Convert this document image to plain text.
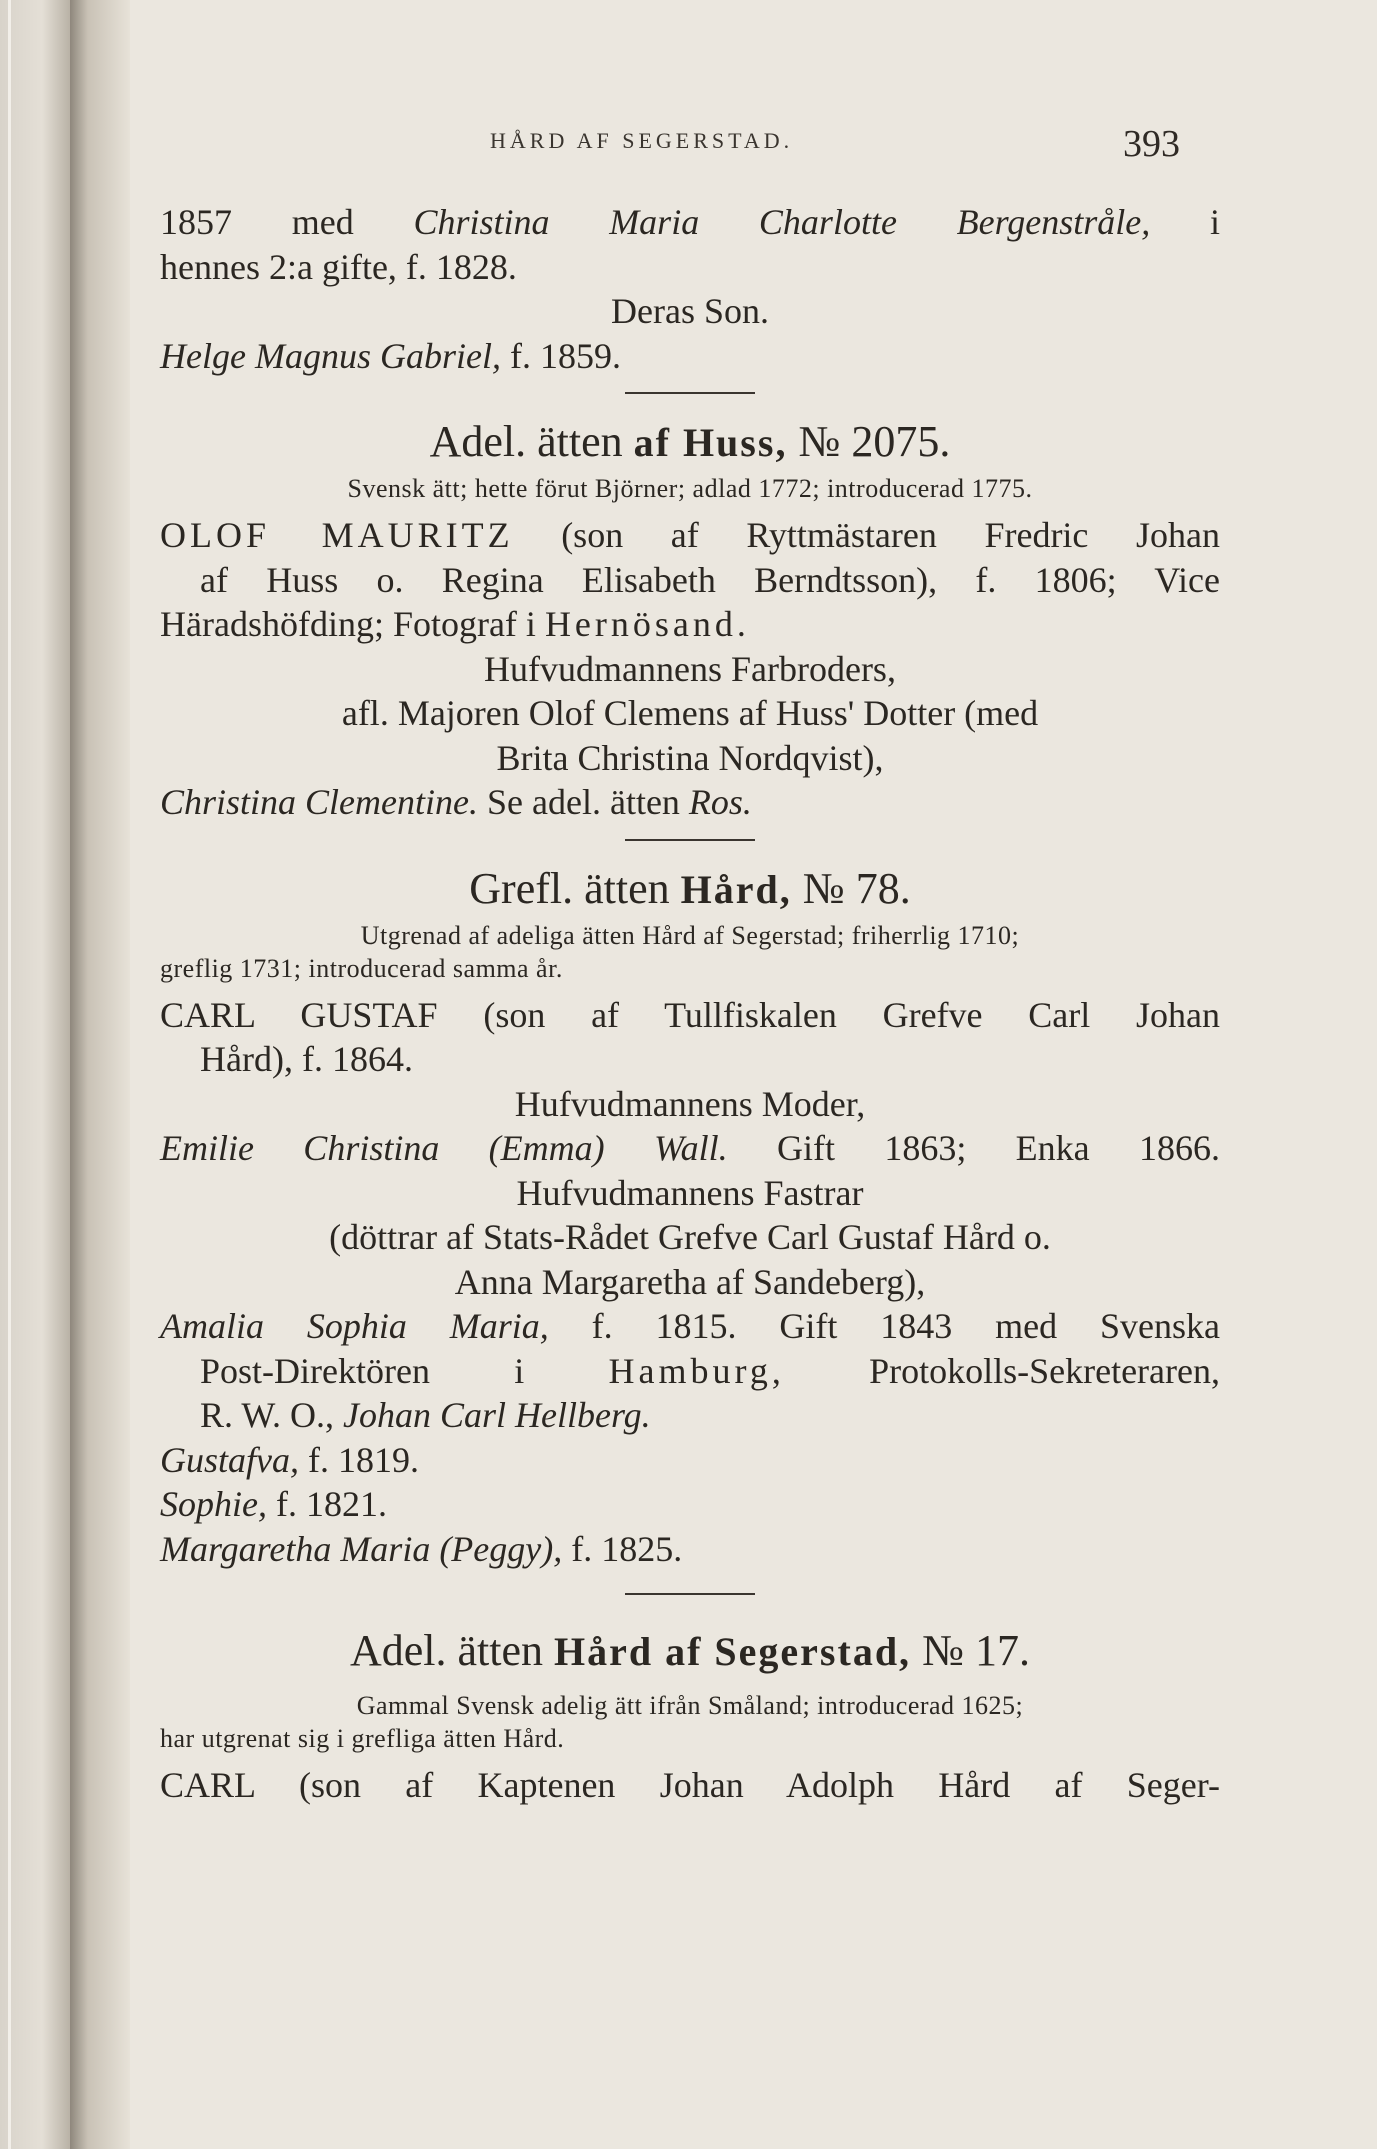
HÅRD AF SEGERSTAD.	393
1857 med Christina Maria Charlotte Bergenstråle, i
hennes 2:a gifte, f. 1828.
Deras Son.
Helge Magnus Gabriel, f. 1859.
Adel. ätten af Huss, № 2075.
Svensk ätt; hette förut Björner; adlad 1772; introducerad 1775.
OLOF MAURITZ (son af Ryttmästaren Fredric Johan
af Huss o. Regina Elisabeth Berndtsson), f. 1806; Vice
Häradshöfding; Fotograf i Hernösand.
Hufvudmannens Farbroders,
afl. Majoren Olof Clemens af Huss' Dotter (med
Brita Christina Nordqvist),
Christina Clementine. Se adel. ätten Ros.
Grefl. ätten Hård, № 78.
Utgrenad af adeliga ätten Hård af Segerstad; friherrlig 1710;
greflig 1731; introducerad samma år.
CARL GUSTAF (son af Tullfiskalen Grefve Carl Johan
Hård), f. 1864.
Hufvudmannens Moder,
Emilie Christina (Emma) Wall. Gift 1863; Enka 1866.
Hufvudmannens Fastrar
(döttrar af Stats-Rådet Grefve Carl Gustaf Hård o.
Anna Margaretha af Sandeberg),
Amalia Sophia Maria, f. 1815. Gift 1843 med Svenska
Post-Direktören i Hamburg, Protokolls-Sekreteraren,
R. W. O., Johan Carl Hellberg.
Gustafva, f. 1819.
Sophie, f. 1821.
Margaretha Maria (Peggy), f. 1825.
Adel. ätten Hård af Segerstad, № 17.
Gammal Svensk adelig ätt ifrån Småland; introducerad 1625;
har utgrenat sig i grefliga ätten Hård.
CARL (son af Kaptenen Johan Adolph Hård af Seger-
